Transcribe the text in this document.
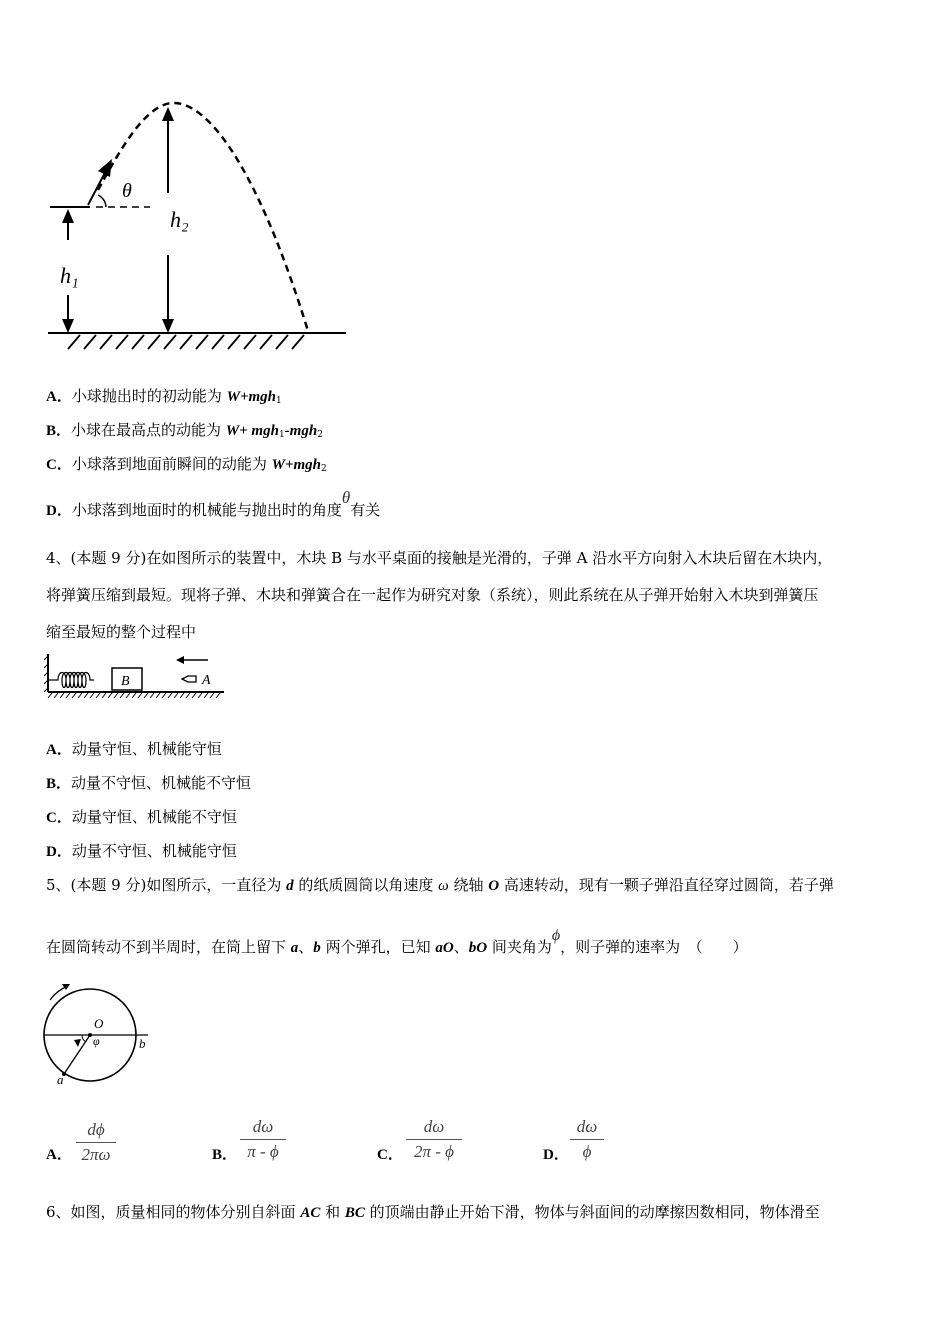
θ
h₁
h₂
A．小球抛出时的初动能为 W+mgh$_1$
B．小球在最高点的动能为 W+ mgh$_1$-mgh$_2$
C．小球落到地面前瞬间的动能为 W+mgh$_2$
D．小球落到地面时的机械能与抛出时的角度θ有关
4、(本题 9 分)在如图所示的装置中，木块 B 与水平桌面的接触是光滑的，子弹 A 沿水平方向射入木块后留在木块内，
将弹簧压缩到最短。现将子弹、木块和弹簧合在一起作为研究对象（系统），则此系统在从子弹开始射入木块到弹簧压
缩至最短的整个过程中
B	A
A．动量守恒、机械能守恒
B．动量不守恒、机械能不守恒
C．动量守恒、机械能不守恒
D．动量不守恒、机械能守恒
5、(本题 9 分)如图所示，一直径为 d 的纸质圆筒以角速度 ω 绕轴 O 高速转动，现有一颗子弹沿直径穿过圆筒，若子弹
在圆筒转动不到半周时，在筒上留下 a、b 两个弹孔，已知 aO、bO 间夹角为ϕ，则子弹的速率为　（　　）
O
φ	b
a
A．
dϕ
2πω	B．
dω
π - ϕ	C．
dω
2π - ϕ	D．
dω
ϕ
6、如图，质量相同的物体分别自斜面 AC 和 BC 的顶端由静止开始下滑，物体与斜面间的动摩擦因数相同，物体滑至
